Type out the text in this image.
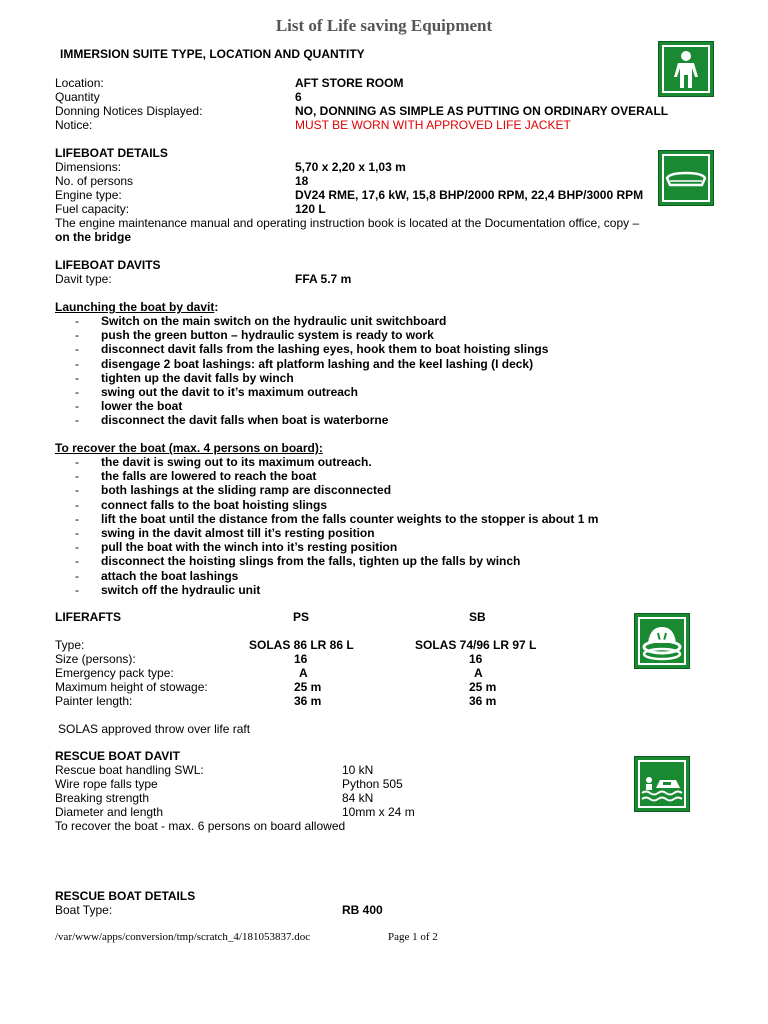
List of Life saving Equipment
IMMERSION SUITE TYPE, LOCATION AND QUANTITY
Location:	AFT STORE ROOM
Quantity	6
Donning Notices Displayed:	NO, DONNING AS SIMPLE AS PUTTING ON ORDINARY OVERALL
Notice:	MUST BE WORN WITH APPROVED LIFE JACKET
LIFEBOAT DETAILS
Dimensions:	5,70 x 2,20 x 1,03 m
No. of persons	18
Engine type:	DV24 RME, 17,6 kW, 15,8 BHP/2000 RPM, 22,4 BHP/3000 RPM
Fuel capacity:	120 L
The engine maintenance manual and operating instruction book is located at the Documentation office, copy –
on the bridge
LIFEBOAT DAVITS
Davit type:	FFA 5.7 m
Launching the boat by davit:
- Switch on the main switch on the hydraulic unit switchboard
- push the green button – hydraulic system is ready to work
- disconnect davit falls from the lashing eyes, hook them to boat hoisting slings
- disengage 2 boat lashings: aft platform lashing and the keel lashing (I deck)
- tighten up the davit falls by winch
- swing out the davit to it’s maximum outreach
- lower the boat
- disconnect the davit falls when boat is waterborne
To recover the boat (max. 4 persons on board):
- the davit is swing out to its maximum outreach.
- the falls are lowered to reach the boat
- both lashings at the sliding ramp are disconnected
- connect falls to the boat hoisting slings
- lift the boat until the distance from the falls counter weights to the stopper is about 1 m
- swing in the davit almost till it’s resting position
- pull the boat with the winch into it’s resting position
- disconnect the hoisting slings from the falls, tighten up the falls by winch
- attach the boat lashings
- switch off the hydraulic unit
LIFERAFTS	PS	SB
Type:	SOLAS 86 LR 86 L	SOLAS 74/96 LR 97 L
Size (persons):	16	16
Emergency pack type:	A	A
Maximum height of stowage:	25 m	25 m
Painter length:	36 m	36 m
SOLAS approved throw over life raft
RESCUE BOAT DAVIT
Rescue boat handling SWL:	10 kN
Wire rope falls type	Python 505
Breaking strength	84 kN
Diameter and length	10mm x 24 m
To recover the boat - max. 6 persons on board allowed
RESCUE BOAT DETAILS
Boat Type:	RB 400
/var/www/apps/conversion/tmp/scratch_4/181053837.doc	Page 1 of 2
